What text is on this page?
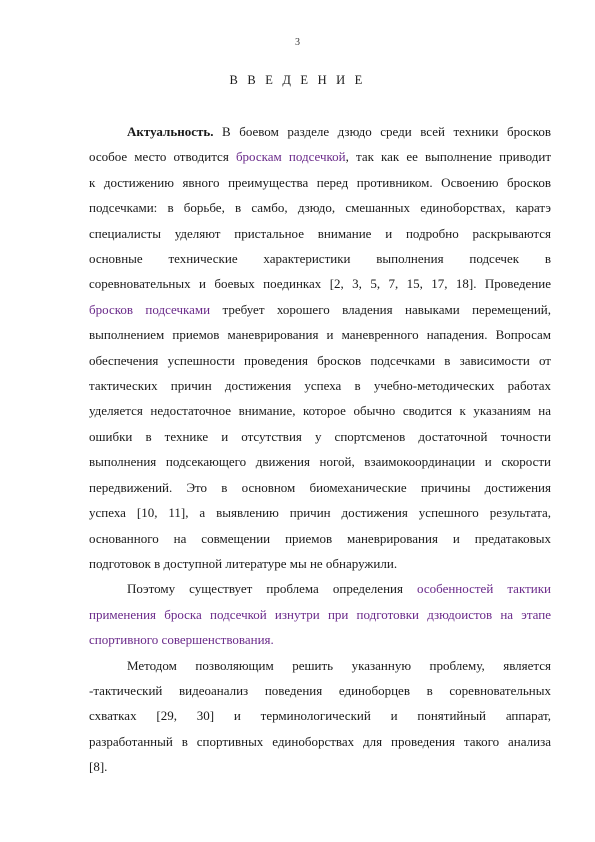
3
В В Е Д Е Н И Е
Актуальность. В боевом разделе дзюдо среди всей техники бросков
особое место отводится броскам подсечкой, так как ее выполнение приводит
к достижению явного преимущества перед противником. Освоению бросков
подсечками: в борьбе, в самбо, дзюдо, смешанных единоборствах, каратэ
специалисты уделяют пристальное внимание и подробно раскрываются
основные технические характеристики выполнения подсечек в
соревновательных и боевых поединках [2, 3, 5, 7, 15, 17, 18]. Проведение
бросков подсечками требует хорошего владения навыками перемещений,
выполнением приемов маневрирования и маневренного нападения. Вопросам
обеспечения успешности проведения бросков подсечками в зависимости от
тактических причин достижения успеха в учебно-методических работах
уделяется недостаточное внимание, которое обычно сводится к указаниям на
ошибки в технике и отсутствия у спортсменов достаточной точности
выполнения подсекающего движения ногой, взаимокоординации и скорости
передвижений. Это в основном биомеханические причины достижения
успеха [10, 11], а выявлению причин достижения успешного результата,
основанного на совмещении приемов маневрирования и предатаковых
подготовок в доступной литературе мы не обнаружили.
Поэтому существует проблема определения особенностей тактики
применения броска подсечкой изнутри при подготовки дзюдоистов на этапе
спортивного совершенствования.
Методом позволяющим решить указанную проблему, является
-тактический видеоанализ поведения единоборцев в соревновательных
схватках [29, 30] и терминологический и понятийный аппарат,
разработанный в спортивных единоборствах для проведения такого анализа
[8].
